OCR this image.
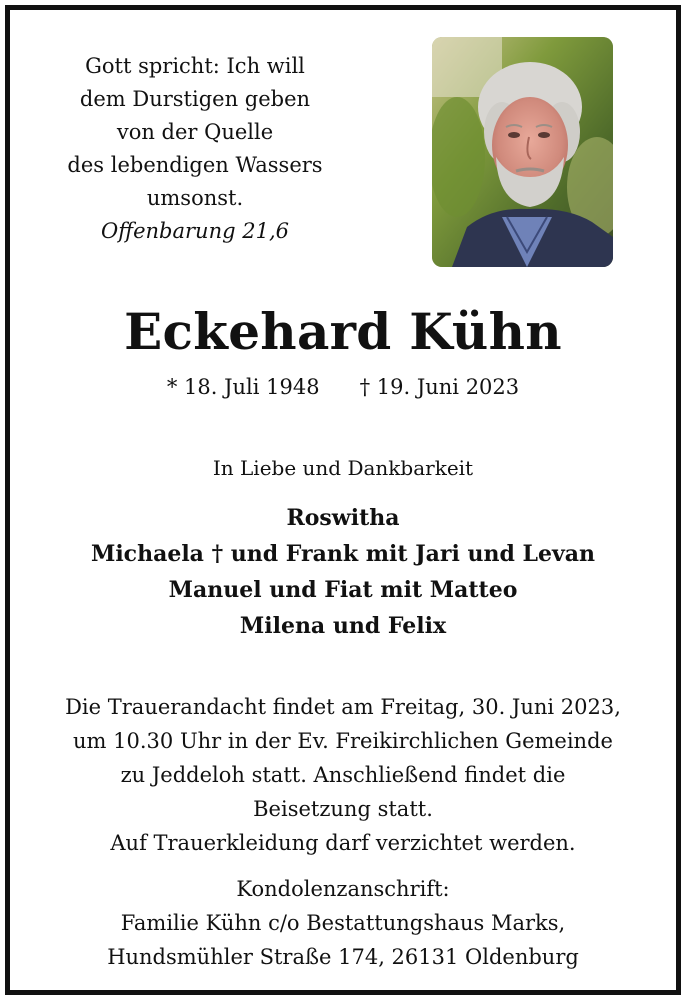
Gott spricht: Ich will
dem Durstigen geben
von der Quelle
des lebendigen Wassers
umsonst.
Offenbarung 21,6
Eckehard Kühn
* 18. Juli 1948 † 19. Juni 2023
In Liebe und Dankbarkeit
Roswitha
Michaela † und Frank mit Jari und Levan
Manuel und Fiat mit Matteo
Milena und Felix
Die Trauerandacht findet am Freitag, 30. Juni 2023,
um 10.30 Uhr in der Ev. Freikirchlichen Gemeinde
zu Jeddeloh statt. Anschließend findet die
Beisetzung statt.
Auf Trauerkleidung darf verzichtet werden.
Kondolenzanschrift:
Familie Kühn c/o Bestattungshaus Marks,
Hundsmühler Straße 174, 26131 Oldenburg
